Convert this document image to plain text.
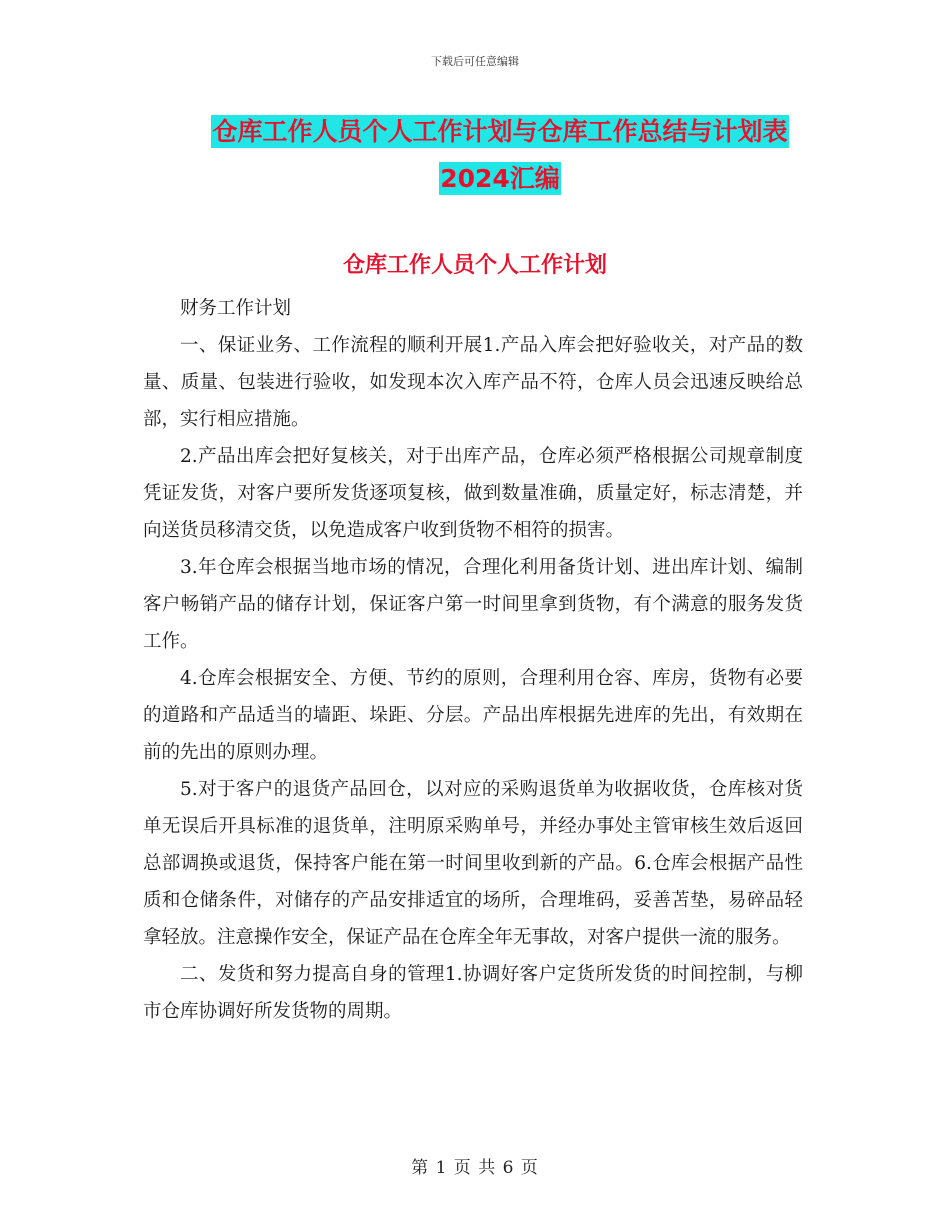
下载后可任意编辑
仓库工作人员个人工作计划与仓库工作总结与计划表
2024汇编
仓库工作人员个人工作计划

财务工作计划

一、保证业务、工作流程的顺利开展1.产品入库会把好验收关，对产品的数量、质量、包装进行验收，如发现本次入库产品不符，仓库人员会迅速反映给总部，实行相应措施。

2.产品出库会把好复核关，对于出库产品，仓库必须严格根据公司规章制度凭证发货，对客户要所发货逐项复核，做到数量准确，质量定好，标志清楚，并向送货员移清交货，以免造成客户收到货物不相符的损害。

3.年仓库会根据当地市场的情况，合理化利用备货计划、进出库计划、编制客户畅销产品的储存计划，保证客户第一时间里拿到货物，有个满意的服务发货工作。

4.仓库会根据安全、方便、节约的原则，合理利用仓容、库房，货物有必要的道路和产品适当的墙距、垛距、分层。产品出库根据先进库的先出，有效期在前的先出的原则办理。

5.对于客户的退货产品回仓，以对应的采购退货单为收据收货，仓库核对货单无误后开具标准的退货单，注明原采购单号，并经办事处主管审核生效后返回总部调换或退货，保持客户能在第一时间里收到新的产品。6.仓库会根据产品性质和仓储条件，对储存的产品安排适宜的场所，合理堆码，妥善苫垫，易碎品轻拿轻放。注意操作安全，保证产品在仓库全年无事故，对客户提供一流的服务。

二、发货和努力提高自身的管理1.协调好客户定货所发货的时间控制，与柳市仓库协调好所发货物的周期。

第 1 页 共 6 页
